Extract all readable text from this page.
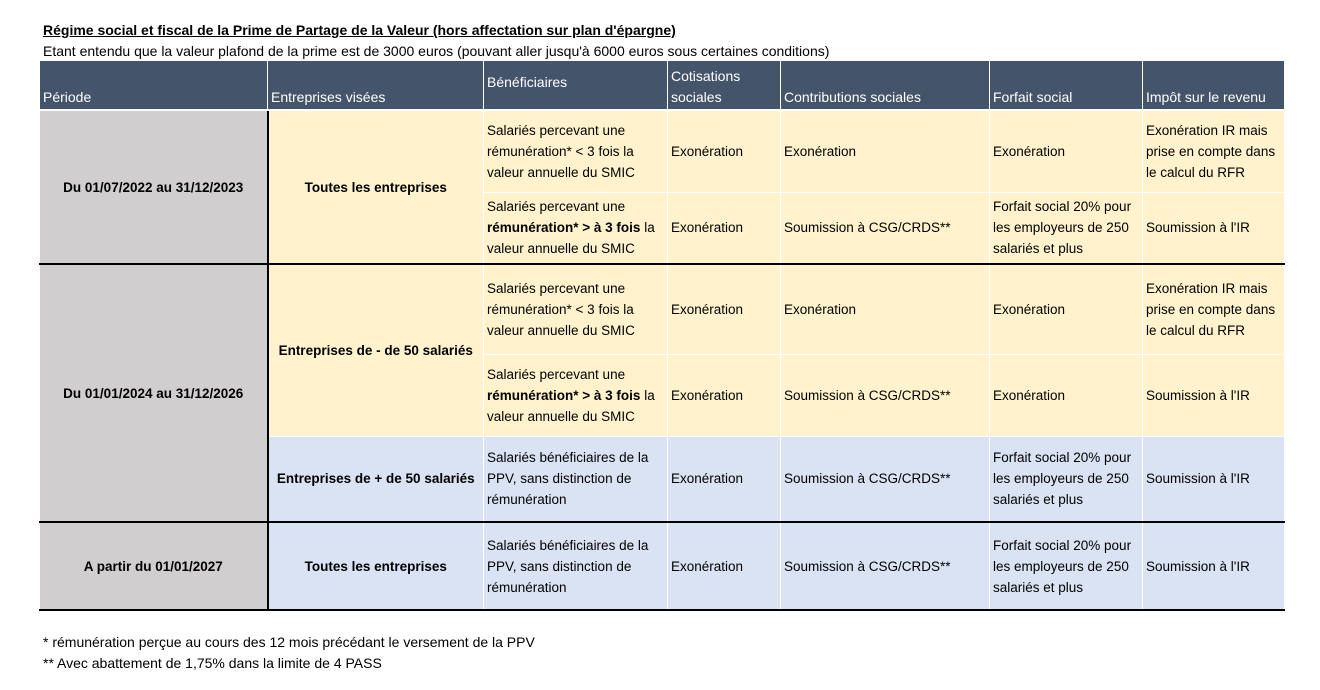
Régime social et fiscal de la Prime de Partage de la Valeur (hors affectation sur plan d'épargne)
Etant entendu que la valeur plafond de la prime est de 3000 euros (pouvant aller jusqu'à 6000 euros sous certaines conditions)
Période	Entreprises visées	Bénéficiaires	Cotisations sociales	Contributions sociales	Forfait social	Impôt sur le revenu
Du 01/07/2022 au 31/12/2023	Toutes les entreprises	Salariés percevant une rémunération* < 3 fois la valeur annuelle du SMIC	Exonération	Exonération	Exonération	Exonération IR mais prise en compte dans le calcul du RFR
		Salariés percevant une rémunération* > à 3 fois la valeur annuelle du SMIC	Exonération	Soumission à CSG/CRDS**	Forfait social 20% pour les employeurs de 250 salariés et plus	Soumission à l'IR
Du 01/01/2024 au 31/12/2026	Entreprises de - de 50 salariés	Salariés percevant une rémunération* < 3 fois la valeur annuelle du SMIC	Exonération	Exonération	Exonération	Exonération IR mais prise en compte dans le calcul du RFR
		Salariés percevant une rémunération* > à 3 fois la valeur annuelle du SMIC	Exonération	Soumission à CSG/CRDS**	Exonération	Soumission à l'IR
	Entreprises de + de 50 salariés	Salariés bénéficiaires de la PPV, sans distinction de rémunération	Exonération	Soumission à CSG/CRDS**	Forfait social 20% pour les employeurs de 250 salariés et plus	Soumission à l'IR
A partir du 01/01/2027	Toutes les entreprises	Salariés bénéficiaires de la PPV, sans distinction de rémunération	Exonération	Soumission à CSG/CRDS**	Forfait social 20% pour les employeurs de 250 salariés et plus	Soumission à l'IR
* rémunération perçue au cours des 12 mois précédant le versement de la PPV
** Avec abattement de 1,75% dans la limite de 4 PASS
